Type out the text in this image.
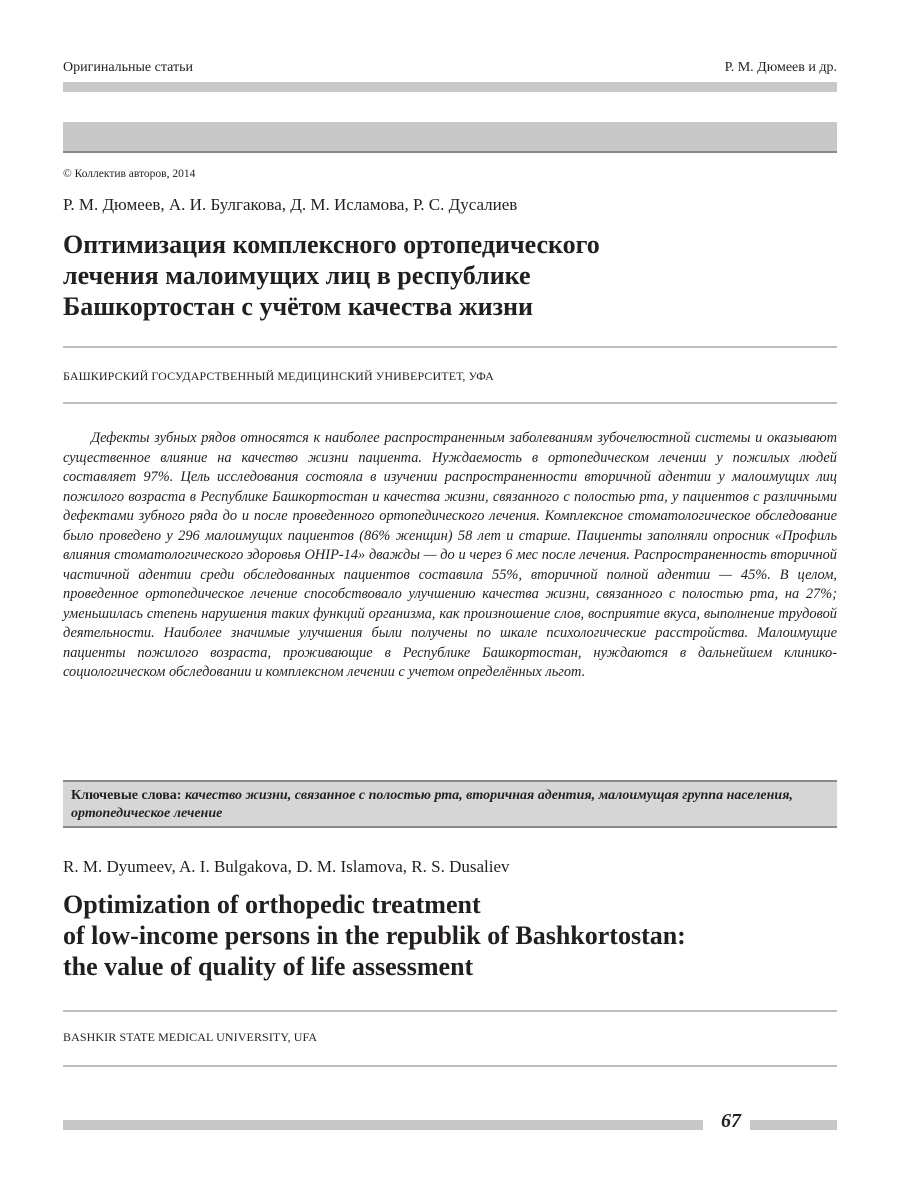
Оригинальные статьи	Р. М. Дюмеев и др.
© Коллектив авторов, 2014
Р. М. Дюмеев, А. И. Булгакова, Д. М. Исламова, Р. С. Дусалиев
Оптимизация комплексного ортопедического
лечения малоимущих лиц в республике
Башкортостан с учётом качества жизни
БАШКИРСКИЙ ГОСУДАРСТВЕННЫЙ МЕДИЦИНСКИЙ УНИВЕРСИТЕТ, УФА
Дефекты зубных рядов относятся к наиболее распространенным заболеваниям зубочелюстной системы и оказывают существенное влияние на качество жизни пациента. Нуждаемость в ортопедическом лечении у пожилых людей составляет 97%. Цель исследования состояла в изучении распространенности вторичной адентии у малоимущих лиц пожилого возраста в Республике Башкортостан и качества жизни, связанного с полостью рта, у пациентов с различными дефектами зубного ряда до и после проведенного ортопедического лечения. Комплексное стоматологическое обследование было проведено у 296 малоимущих пациентов (86% женщин) 58 лет и старше. Пациенты заполняли опросник «Профиль влияния стоматологического здоровья OHIP-14» дважды — до и через 6 мес после лечения. Распространенность вторичной частичной адентии среди обследованных пациентов составила 55%, вторичной полной адентии — 45%. В целом, проведенное ортопедическое лечение способствовало улучшению качества жизни, связанного с полостью рта, на 27%; уменьшилась степень нарушения таких функций организма, как произношение слов, восприятие вкуса, выполнение трудовой деятельности. Наиболее значимые улучшения были получены по шкале психологические расстройства. Малоимущие пациенты пожилого возраста, проживающие в Республике Башкортостан, нуждаются в дальнейшем клинико-социологическом обследовании и комплексном лечении с учетом определённых льгот.
Ключевые слова: качество жизни, связанное с полостью рта, вторичная адентия, малоимущая группа населения, ортопедическое лечение
R. M. Dyumeev, A. I. Bulgakova, D. M. Islamova, R. S. Dusaliev
Optimization of orthopedic treatment
of low-income persons in the republik of Bashkortostan:
the value of quality of life assessment
BASHKIR STATE MEDICAL UNIVERSITY, UFA
67
